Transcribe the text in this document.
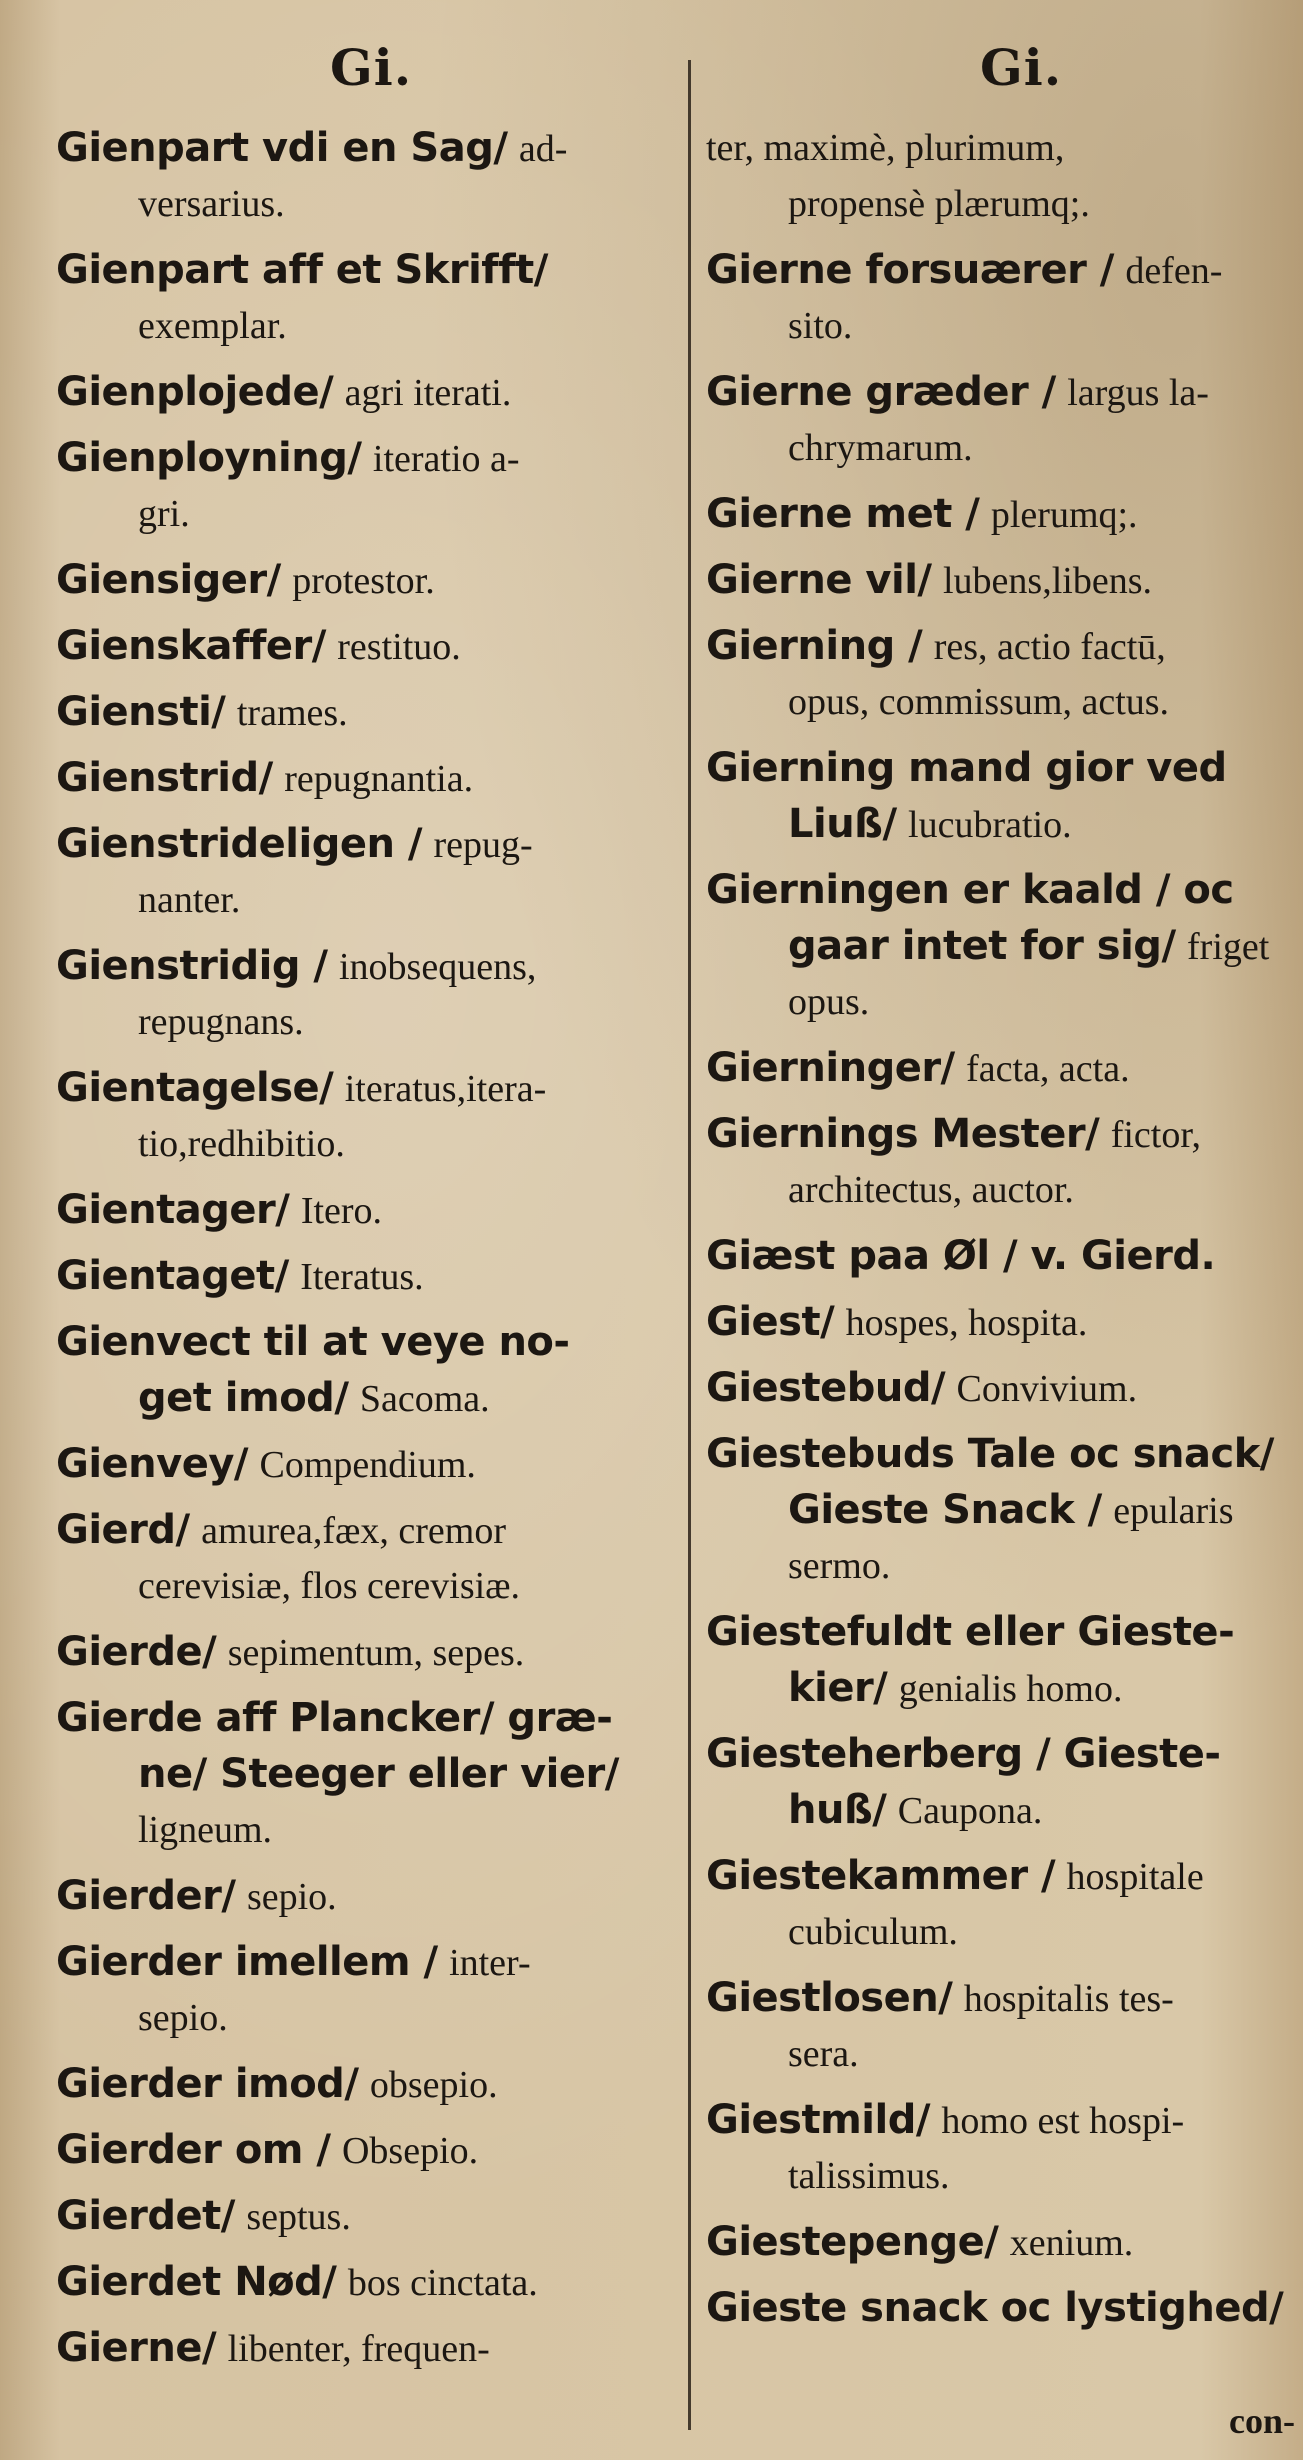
Gi.	Gi.
Gienpart vdi en Sag/ ad-
versarius.
Gienpart aff et Skrifft/
exemplar.
Gienplojede/ agri iterati.
Gienployning/ iteratio a-
gri.
Giensiger/ protestor.
Gienskaffer/ restituo.
Giensti/ trames.
Gienstrid/ repugnantia.
Gienstrideligen / repug-
nanter.
Gienstridig / inobsequens,
repugnans.
Gientagelse/ iteratus,itera-
tio,redhibitio.
Gientager/ Itero.
Gientaget/ Iteratus.
Gienvect til at veye no-
get imod/ Sacoma.
Gienvey/ Compendium.
Gierd/ amurea,fæx, cremor
cerevisiæ, flos cerevisiæ.
Gierde/ sepimentum, sepes.
Gierde aff Plancker/ græ-
ne/ Steeger eller vier/
ligneum.
Gierder/ sepio.
Gierder imellem / inter-
sepio.
Gierder imod/ obsepio.
Gierder om / Obsepio.
Gierdet/ septus.
Gierdet Nød/ bos cinctata.
Gierne/ libenter, frequen-
ter, maximè, plurimum,
propensè plærumq;.
Gierne forsuærer / defen-
sito.
Gierne græder / largus la-
chrymarum.
Gierne met / plerumq;.
Gierne vil/ lubens,libens.
Gierning / res, actio factū,
opus, commissum, actus.
Gierning mand gior ved
Liuß/ lucubratio.
Gierningen er kaald / oc
gaar intet for sig/ friget
opus.
Gierninger/ facta, acta.
Giernings Mester/ fictor,
architectus, auctor.
Giæst paa Øl / v. Gierd.
Giest/ hospes, hospita.
Giestebud/ Convivium.
Giestebuds Tale oc snack/
Gieste Snack / epularis
sermo.
Giestefuldt eller Gieste-
kier/ genialis homo.
Giesteherberg / Gieste-
huß/ Caupona.
Giestekammer / hospitale
cubiculum.
Giestlosen/ hospitalis tes-
sera.
Giestmild/ homo est hospi-
talissimus.
Giestepenge/ xenium.
Gieste snack oc lystighed/
con-
